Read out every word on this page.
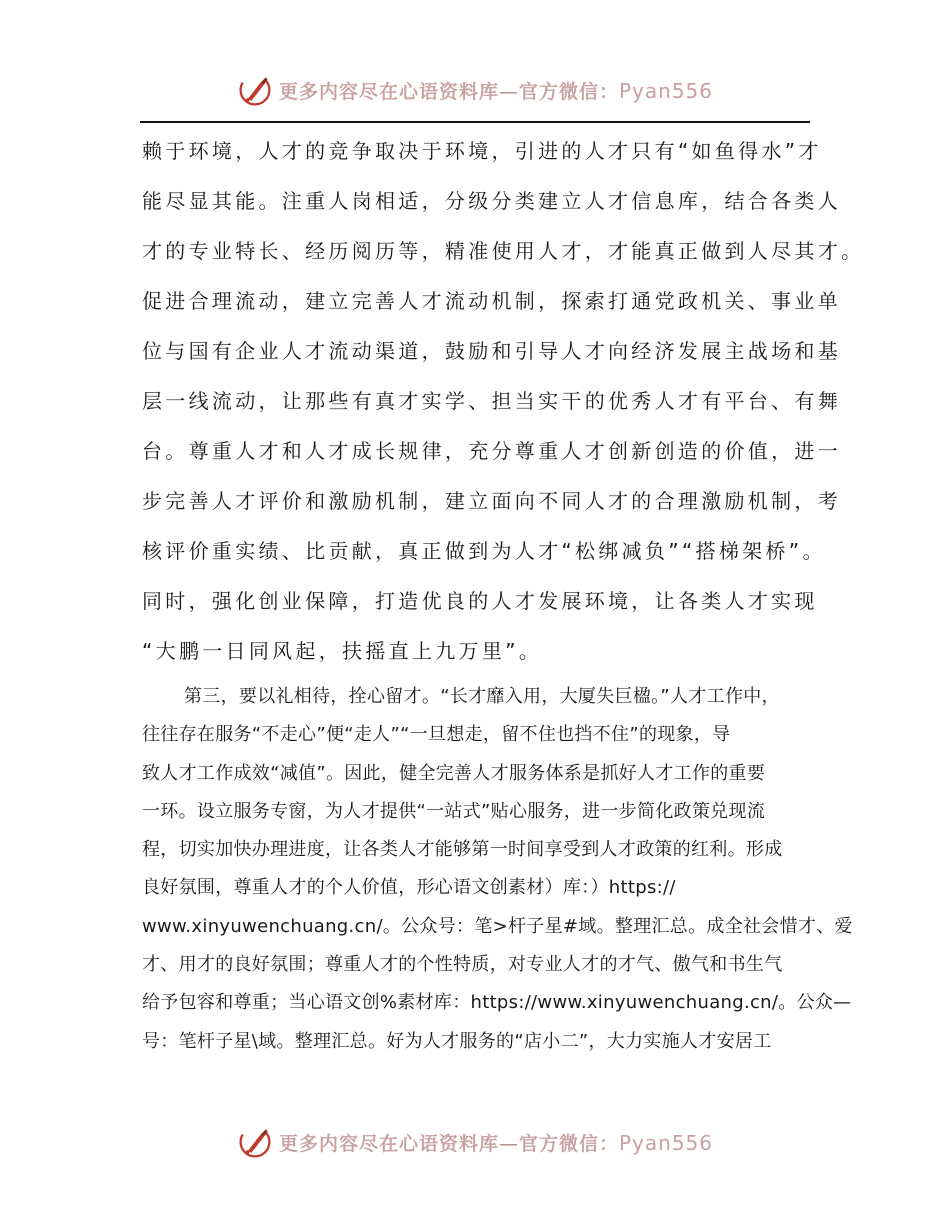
更多内容尽在心语资料库—官方微信：Pyan556

赖于环境，人才的竞争取决于环境，引进的人才只有“如鱼得水”才

能尽显其能。注重人岗相适，分级分类建立人才信息库，结合各类人

才的专业特长、经历阅历等，精准使用人才，才能真正做到人尽其才。

促进合理流动，建立完善人才流动机制，探索打通党政机关、事业单

位与国有企业人才流动渠道，鼓励和引导人才向经济发展主战场和基

层一线流动，让那些有真才实学、担当实干的优秀人才有平台、有舞

台。尊重人才和人才成长规律，充分尊重人才创新创造的价值，进一

步完善人才评价和激励机制，建立面向不同人才的合理激励机制，考

核评价重实绩、比贡献，真正做到为人才“松绑减负”“搭梯架桥”。

同时，强化创业保障，打造优良的人才发展环境，让各类人才实现

“大鹏一日同风起，扶摇直上九万里”。

第三，要以礼相待，拴心留才。“长才靡入用，大厦失巨楹。”人才工作中，

往往存在服务“不走心”便“走人”“一旦想走，留不住也挡不住”的现象，导

致人才工作成效“减值”。因此，健全完善人才服务体系是抓好人才工作的重要

一环。设立服务专窗，为人才提供“一站式”贴心服务，进一步简化政策兑现流

程，切实加快办理进度，让各类人才能够第一时间享受到人才政策的红利。形成

良好氛围，尊重人才的个人价值，形心语文创素材）库：）https://

www.xinyuwenchuang.cn/。公众号：笔>杆子星#域。整理汇总。成全社会惜才、爱

才、用才的良好氛围；尊重人才的个性特质，对专业人才的才气、傲气和书生气

给予包容和尊重；当心语文创%素材库：https://www.xinyuwenchuang.cn/。公众—

号：笔杆子星\域。整理汇总。好为人才服务的“店小二”，大力实施人才安居工

更多内容尽在心语资料库—官方微信：Pyan556
